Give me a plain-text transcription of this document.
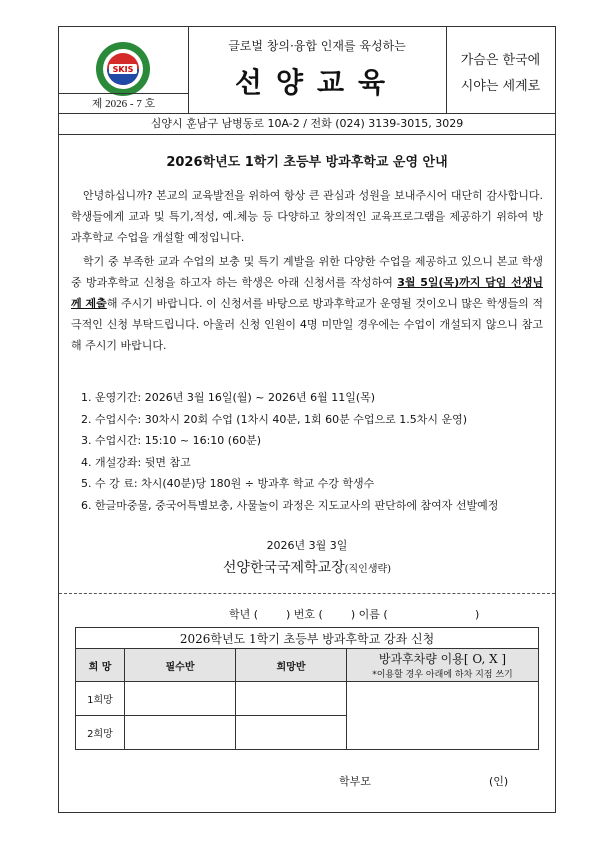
SKIS
제 2026 - 7 호
글로벌 창의·융합 인재를 육성하는
선양교육
가슴은 한국에
시야는 세계로
심양시 훈남구 남병동로 10A-2 / 전화 (024) 3139-3015, 3029
2026학년도 1학기 초등부 방과후학교 운영 안내

안녕하십니까? 본교의 교육발전을 위하여 항상 큰 관심과 성원을 보내주시어 대단히 감사합니다. 학생들에게 교과 및 특기,적성, 예.체능 등 다양하고 창의적인 교육프로그램을 제공하기 위하여 방과후학교 수업을 개설할 예정입니다.

학기 중 부족한 교과 수업의 보충 및 특기 계발을 위한 다양한 수업을 제공하고 있으니 본교 학생 중 방과후학교 신청을 하고자 하는 학생은 아래 신청서를 작성하여 3월 5일(목)까지 담임 선생님께 제출해 주시기 바랍니다. 이 신청서를 바탕으로 방과후학교가 운영될 것이오니 많은 학생들의 적극적인 신청 부탁드립니다. 아울러 신청 인원이 4명 미만일 경우에는 수업이 개설되지 않으니 참고해 주시기 바랍니다.

1. 운영기간: 2026년 3월 16일(월) ~ 2026년 6월 11일(목)
2. 수업시수: 30차시 20회 수업 (1차시 40분, 1회 60분 수업으로 1.5차시 운영)
3. 수업시간: 15:10 ~ 16:10 (60분)
4. 개설강좌: 뒷면 참고
5. 수 강 료: 차시(40분)당 180원 ÷ 방과후 학교 수강 학생수
6. 한글마중물, 중국어특별보충, 사물놀이 과정은 지도교사의 판단하에 참여자 선발예정
2026년 3월 3일
선양한국국제학교장(직인생략)
학년 (        ) 번호 (        ) 이름 (                         )
2026학년도 1학기 초등부 방과후학교 강좌 신청			
희 망	필수반	희망반	방과후차량 이용[ O, X ]
*이용할 경우 아래에 하차 지점 쓰기

1희망			
2희망			
학부모	(인)
